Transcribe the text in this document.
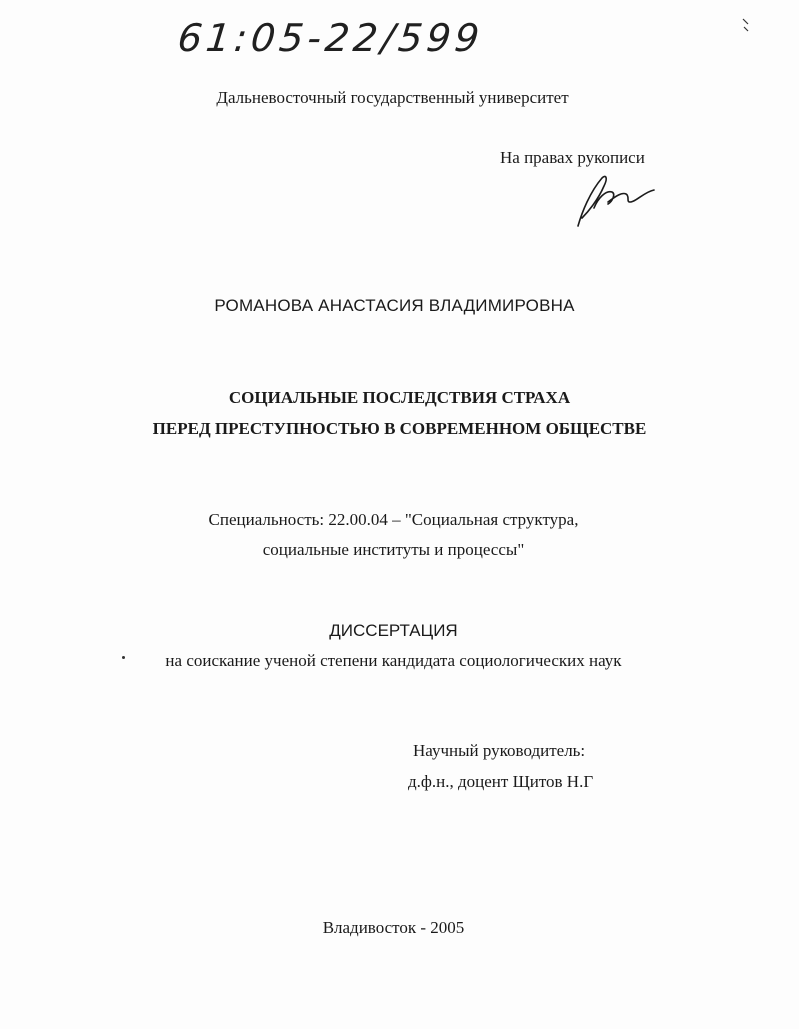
61:05-22/599
Дальневосточный государственный университет
На правах рукописи
РОМАНОВА АНАСТАСИЯ ВЛАДИМИРОВНА
СОЦИАЛЬНЫЕ ПОСЛЕДСТВИЯ СТРАХА
ПЕРЕД ПРЕСТУПНОСТЬЮ В СОВРЕМЕННОМ ОБЩЕСТВЕ
Специальность: 22.00.04 – "Социальная структура,
социальные институты и процессы"
ДИССЕРТАЦИЯ
на соискание ученой степени кандидата социологических наук
Научный руководитель:
д.ф.н., доцент Щитов Н.Г
Владивосток - 2005
